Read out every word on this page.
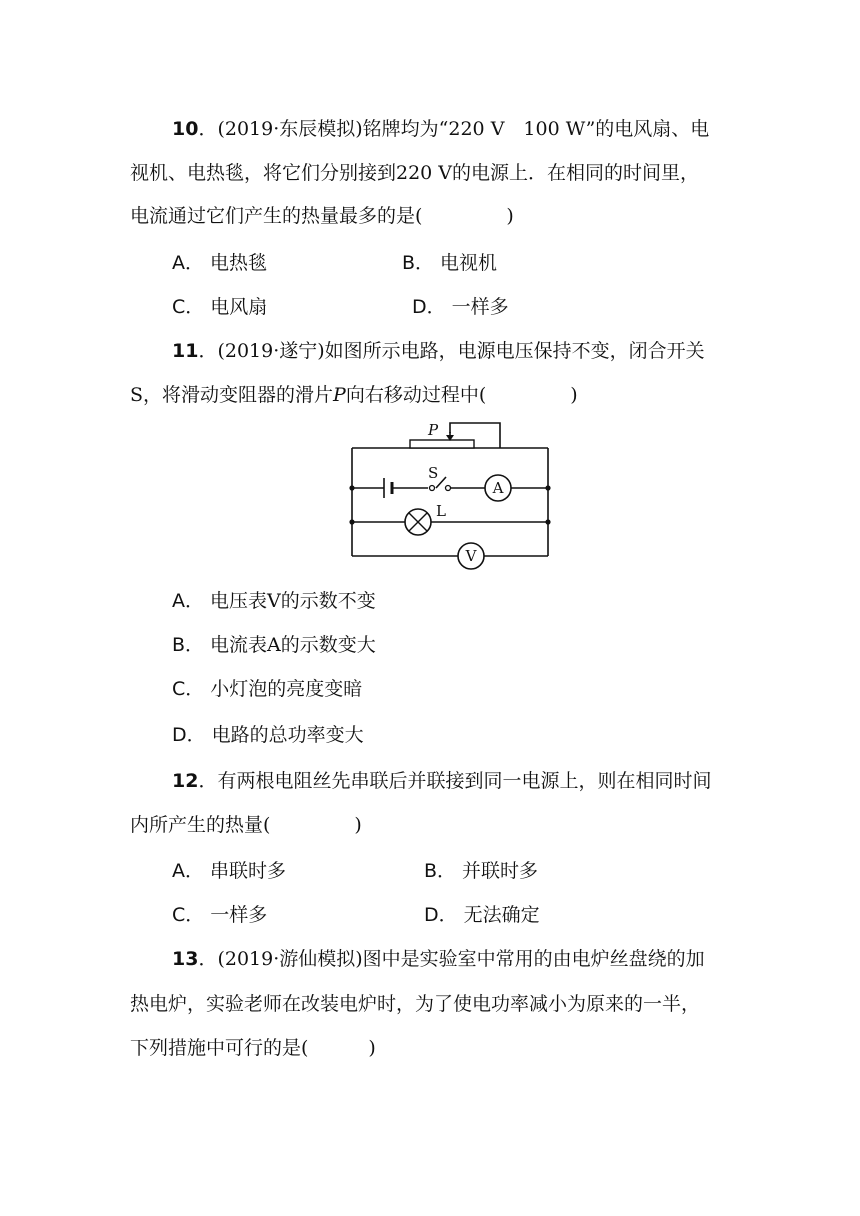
10．(2019·东辰模拟)铭牌均为“220 V　100 W”的电风扇、电
视机、电热毯，将它们分别接到220 V的电源上．在相同的时间里，
电流通过它们产生的热量最多的是(	)
A． 电热毯	B． 电视机
C． 电风扇	D． 一样多
11．(2019·遂宁)如图所示电路，电源电压保持不变，闭合开关
S，将滑动变阻器的滑片P向右移动过程中(	)
P
S
L
A
V
A． 电压表V的示数不变
B． 电流表A的示数变大
C． 小灯泡的亮度变暗
D． 电路的总功率变大
12．有两根电阻丝先串联后并联接到同一电源上，则在相同时间
内所产生的热量(	)
A． 串联时多	B． 并联时多
C． 一样多	D． 无法确定
13．(2019·游仙模拟)图中是实验室中常用的由电炉丝盘绕的加
热电炉，实验老师在改装电炉时，为了使电功率减小为原来的一半，
下列措施中可行的是(	)
